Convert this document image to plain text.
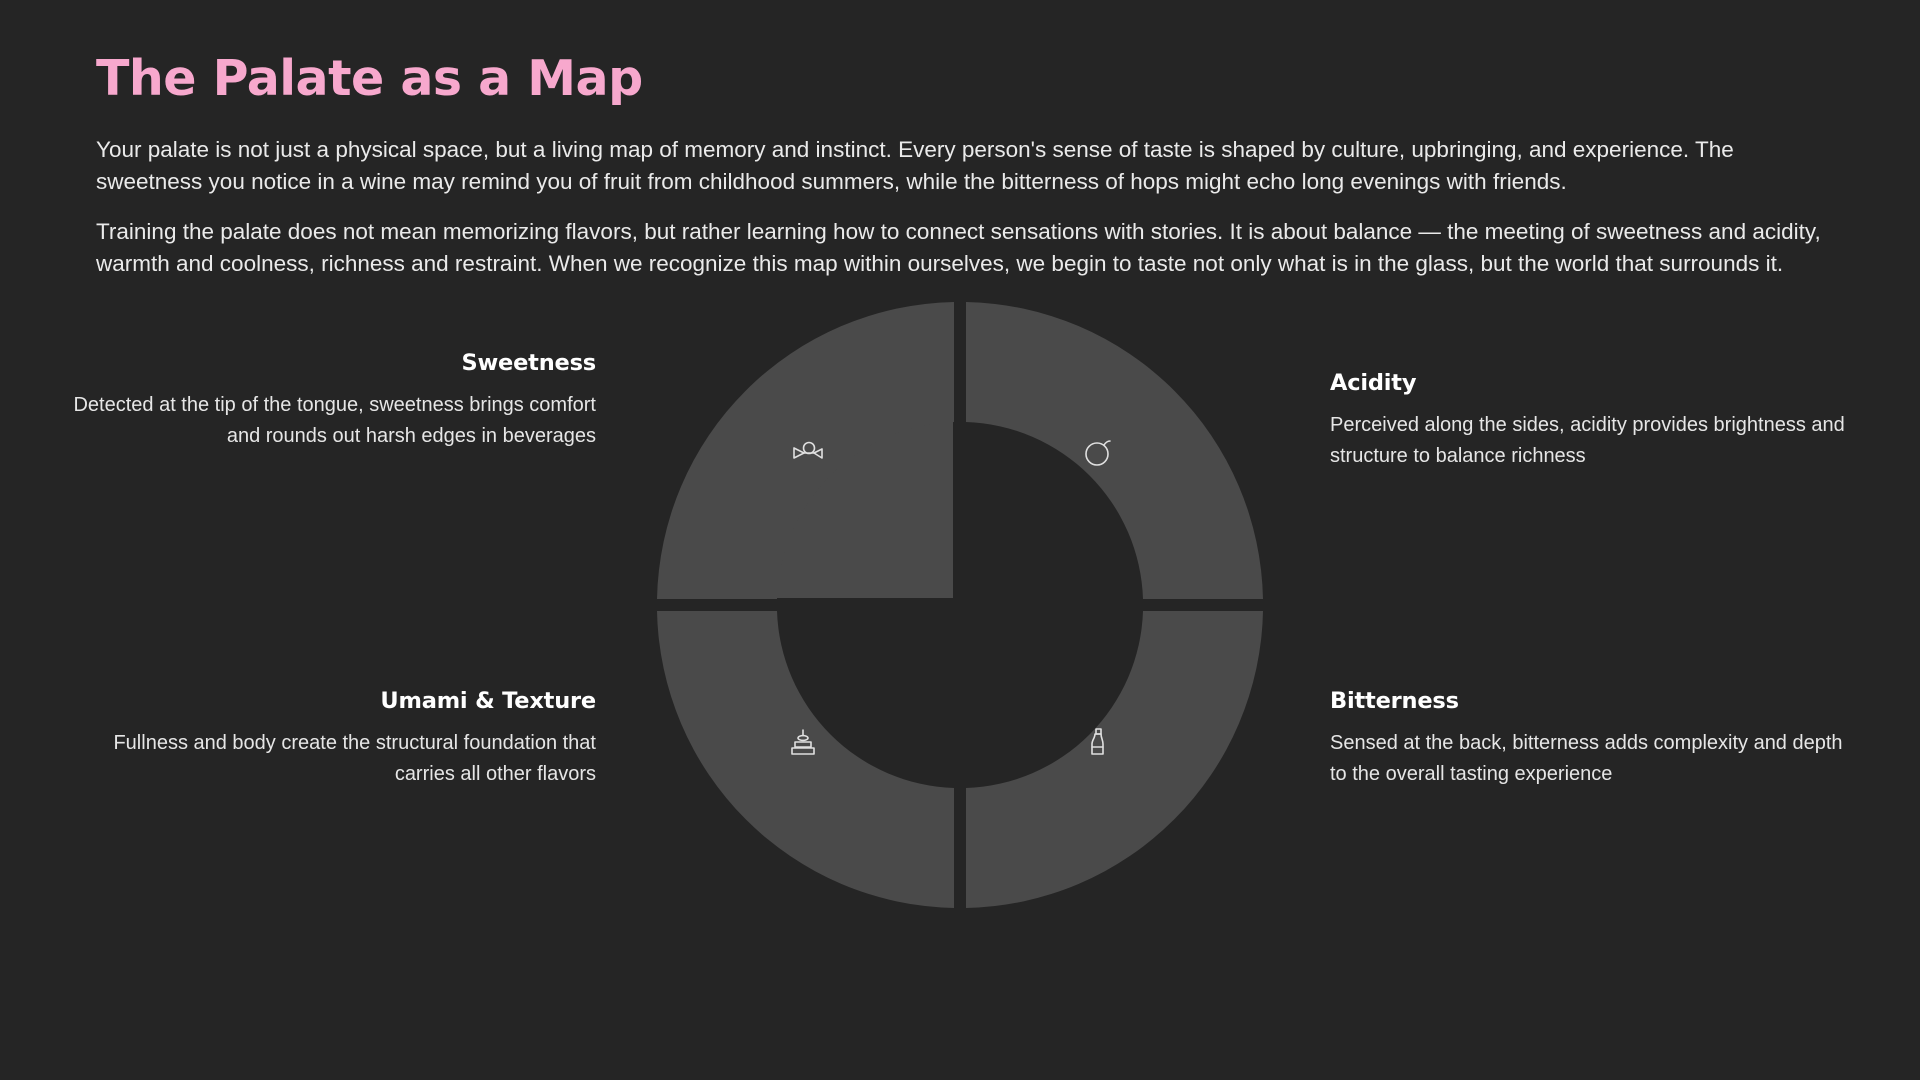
The Palate as a Map

Your palate is not just a physical space, but a living map of memory and instinct. Every person's sense of taste is shaped by culture, upbringing, and experience. The sweetness you notice in a wine may remind you of fruit from childhood summers, while the bitterness of hops might echo long evenings with friends.

Training the palate does not mean memorizing flavors, but rather learning how to connect sensations with stories. It is about balance — the meeting of sweetness and acidity, warmth and coolness, richness and restraint. When we recognize this map within ourselves, we begin to taste not only what is in the glass, but the world that surrounds it.

Sweetness

Detected at the tip of the tongue, sweetness brings comfort and rounds out harsh edges in beverages

Acidity

Perceived along the sides, acidity provides brightness and structure to balance richness

Umami & Texture

Fullness and body create the structural foundation that carries all other flavors

Bitterness

Sensed at the back, bitterness adds complexity and depth to the overall tasting experience
